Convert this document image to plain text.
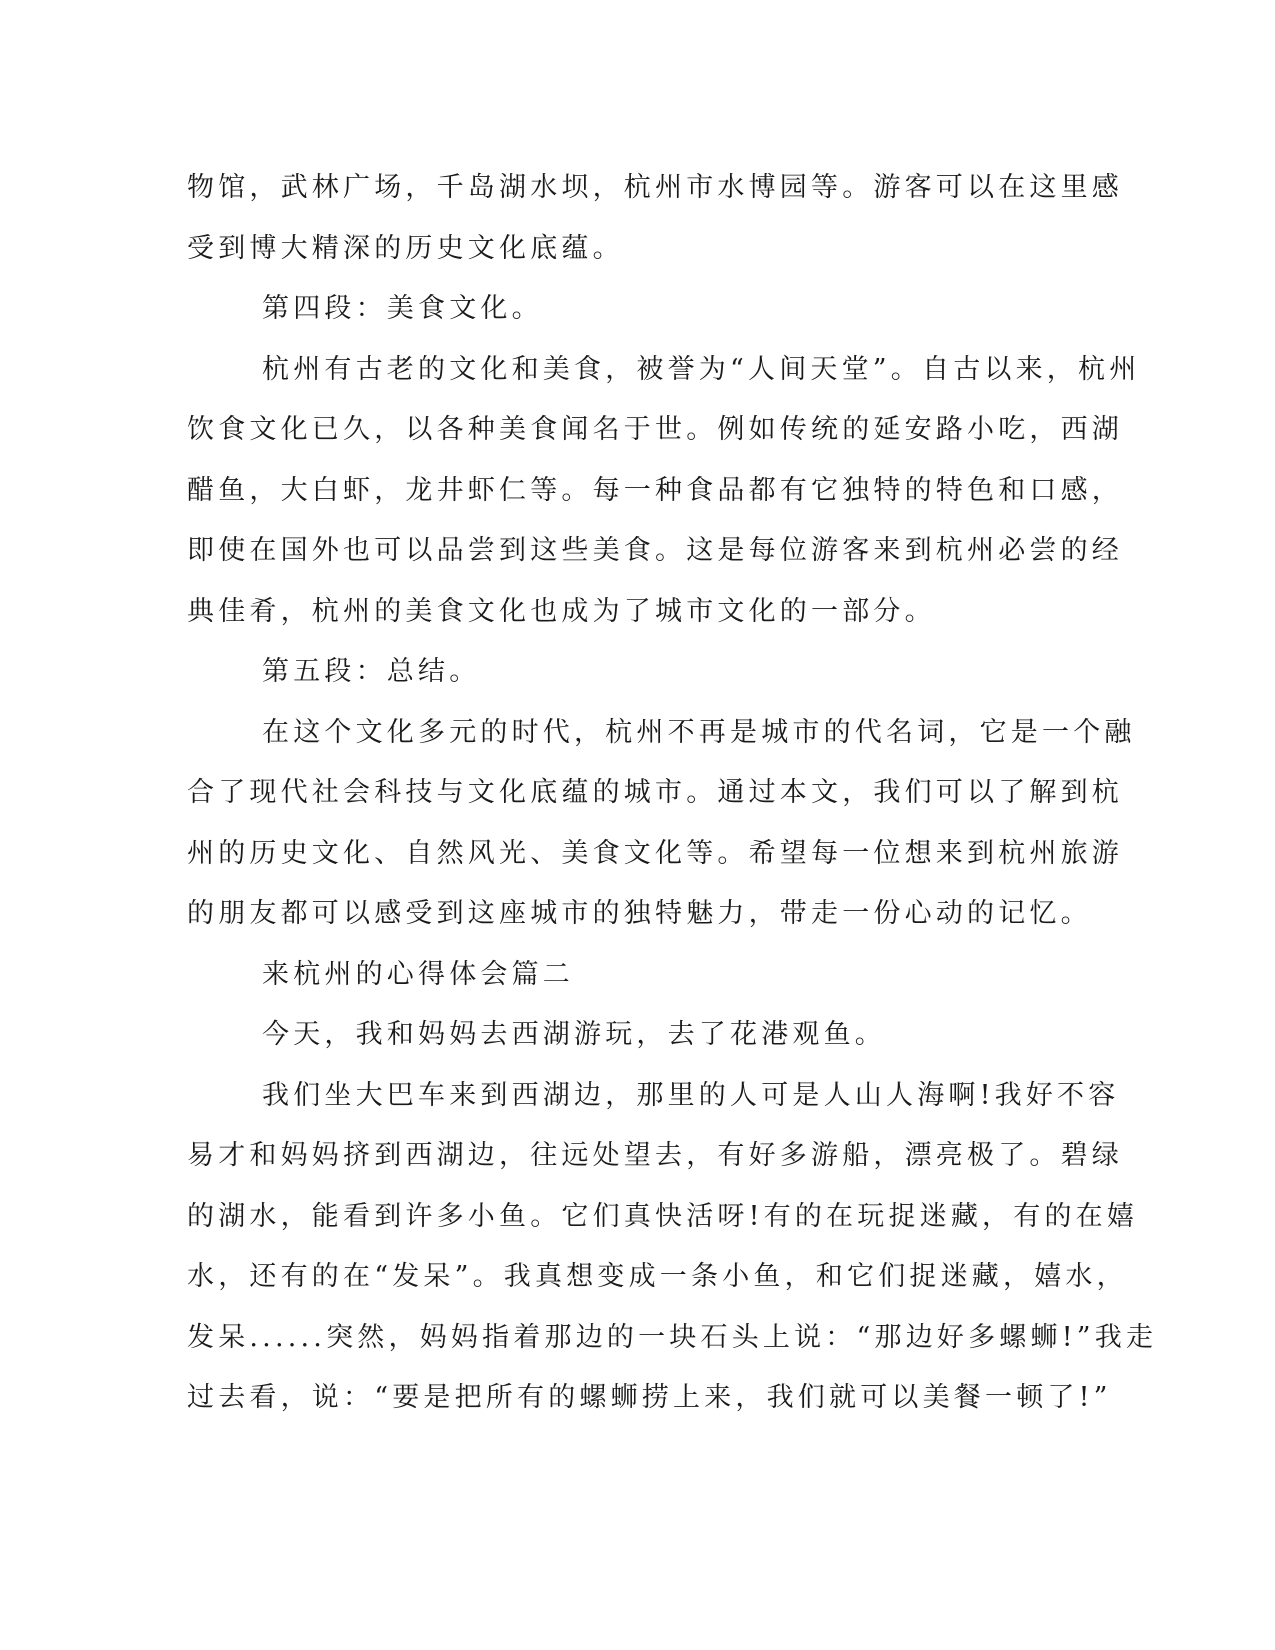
物馆，武林广场，千岛湖水坝，杭州市水博园等。游客可以在这里感
受到博大精深的历史文化底蕴。

第四段：美食文化。

杭州有古老的文化和美食，被誉为“人间天堂”。自古以来，杭州
饮食文化已久，以各种美食闻名于世。例如传统的延安路小吃，西湖
醋鱼，大白虾，龙井虾仁等。每一种食品都有它独特的特色和口感，
即使在国外也可以品尝到这些美食。这是每位游客来到杭州必尝的经
典佳肴，杭州的美食文化也成为了城市文化的一部分。

第五段：总结。

在这个文化多元的时代，杭州不再是城市的代名词，它是一个融
合了现代社会科技与文化底蕴的城市。通过本文，我们可以了解到杭
州的历史文化、自然风光、美食文化等。希望每一位想来到杭州旅游
的朋友都可以感受到这座城市的独特魅力，带走一份心动的记忆。

来杭州的心得体会篇二

今天，我和妈妈去西湖游玩，去了花港观鱼。

我们坐大巴车来到西湖边，那里的人可是人山人海啊!我好不容
易才和妈妈挤到西湖边，往远处望去，有好多游船，漂亮极了。碧绿
的湖水，能看到许多小鱼。它们真快活呀!有的在玩捉迷藏，有的在嬉
水，还有的在“发呆”。我真想变成一条小鱼，和它们捉迷藏，嬉水，
发呆......突然，妈妈指着那边的一块石头上说：“那边好多螺蛳!”我走
过去看，说：“要是把所有的螺蛳捞上来，我们就可以美餐一顿了!”
